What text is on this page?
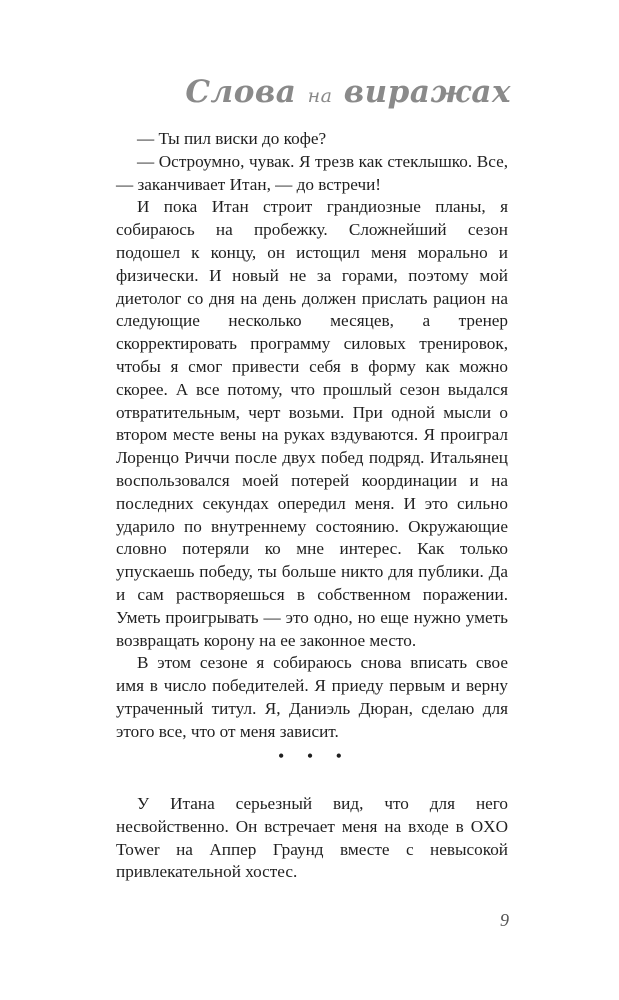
Слова на виражах

— Ты пил виски до кофе?

— Остроумно, чувак. Я трезв как стеклышко. Все, — заканчивает Итан, — до встречи!

И пока Итан строит грандиозные планы, я собираюсь на пробежку. Сложнейший сезон подошел к концу, он истощил меня морально и физически. И новый не за горами, поэтому мой диетолог со дня на день должен прислать рацион на следующие несколько месяцев, а тренер скорректировать программу силовых тренировок, чтобы я смог привести себя в форму как можно скорее. А все потому, что прошлый сезон выдался отвратительным, черт возьми. При одной мысли о втором месте вены на руках вздуваются. Я проиграл Лоренцо Риччи после двух побед подряд. Итальянец воспользовался моей потерей координации и на последних секундах опередил меня. И это сильно ударило по внутреннему состоянию. Окружающие словно потеряли ко мне интерес. Как только упускаешь победу, ты больше никто для публики. Да и сам растворяешься в собственном поражении. Уметь проигрывать — это одно, но еще нужно уметь возвращать корону на ее законное место.

В этом сезоне я собираюсь снова вписать свое имя в число победителей. Я приеду первым и верну утраченный титул. Я, Даниэль Дюран, сделаю для этого все, что от меня зависит.

• • •

У Итана серьезный вид, что для него несвойственно. Он встречает меня на входе в OXO Tower на Аппер Граунд вместе с невысокой привлекательной хостес.

9
